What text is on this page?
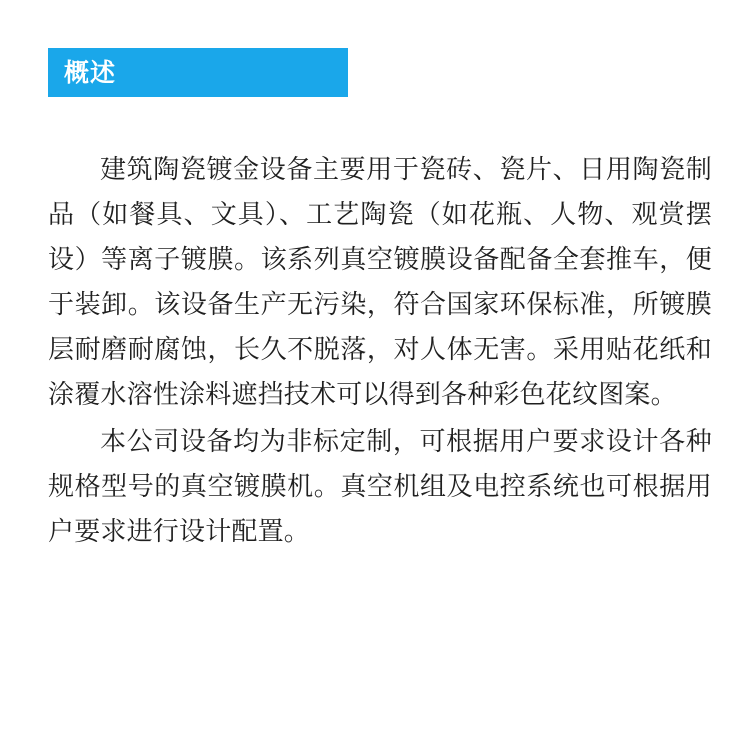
概述

建筑陶瓷镀金设备主要用于瓷砖、瓷片、日用陶瓷制品（如餐具、文具）、工艺陶瓷（如花瓶、人物、观赏摆设）等离子镀膜。该系列真空镀膜设备配备全套推车，便于装卸。该设备生产无污染，符合国家环保标准，所镀膜层耐磨耐腐蚀，长久不脱落，对人体无害。采用贴花纸和涂覆水溶性涂料遮挡技术可以得到各种彩色花纹图案。

本公司设备均为非标定制，可根据用户要求设计各种规格型号的真空镀膜机。真空机组及电控系统也可根据用户要求进行设计配置。
